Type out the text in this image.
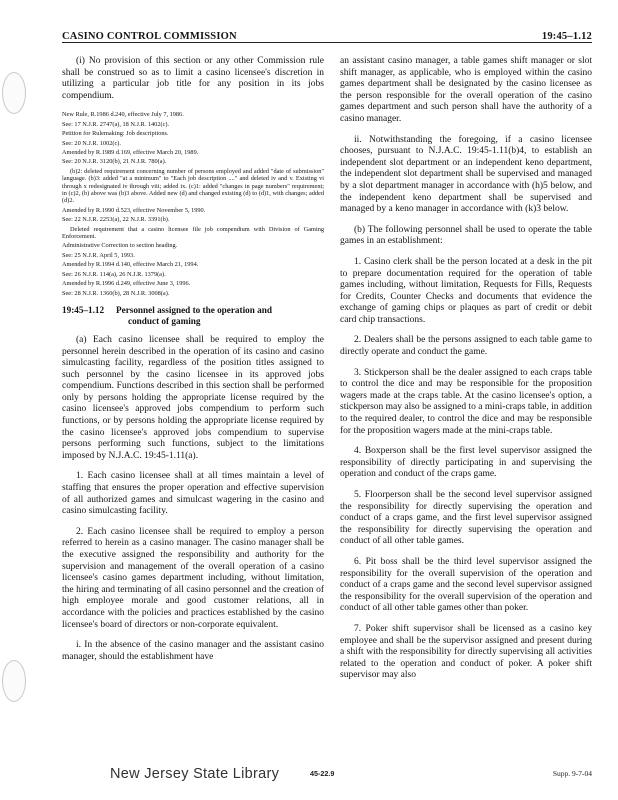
CASINO CONTROL COMMISSION	19:45–1.12

(i) No provision of this section or any other Commission rule shall be construed so as to limit a casino licensee's discretion in utilizing a particular job title for any position in its jobs compendium.

New Rule, R.1986 d.240, effective July 7, 1986.

See: 17 N.J.R. 2747(a), 18 N.J.R. 1402(c).

Petition for Rulemaking: Job descriptions.

See: 20 N.J.R. 1002(c).

Amended by R.1989 d.169, effective March 20, 1989.

See: 20 N.J.R. 3120(b), 21 N.J.R. 780(a).

(b)2: deleted requirement concerning number of persons employed and added "date of submission" language. (b)3: added "at a minimum" to "Each job description ...." and deleted iv and v. Existing vi through x redesignated iv through viii; added ix. (c)1: added "changes in page numbers" requirement; in (c)2, (b) above was (b)3 above. Added new (d) and changed existing (d) to (d)1, with changes; added (d)2.

Amended by R.1990 d.523, effective November 5, 1990.

See: 22 N.J.R. 2253(a), 22 N.J.R. 3391(b).

Deleted requirement that a casino licensee file job compendium with Division of Gaming Enforcement.

Administrative Correction to section heading.

See: 25 N.J.R. April 5, 1993.

Amended by R.1994 d.140, effective March 21, 1994.

See: 26 N.J.R. 114(a), 26 N.J.R. 1379(a).

Amended by R.1996 d.249, effective June 3, 1996.

See: 28 N.J.R. 1360(b), 28 N.J.R. 3008(a).

19:45–1.12 Personnel assigned to the operation and
conduct of gaming

(a) Each casino licensee shall be required to employ the personnel herein described in the operation of its casino and casino simulcasting facility, regardless of the position titles assigned to such personnel by the casino licensee in its approved jobs compendium. Functions described in this section shall be performed only by persons holding the appropriate license required by the casino licensee's approved jobs compendium to perform such functions, or by persons holding the appropriate license required by the casino licensee's approved jobs compendium to supervise persons performing such functions, subject to the limitations imposed by N.J.A.C. 19:45-1.11(a).

1. Each casino licensee shall at all times maintain a level of staffing that ensures the proper operation and effective supervision of all authorized games and simulcast wagering in the casino and casino simulcasting facility.

2. Each casino licensee shall be required to employ a person referred to herein as a casino manager. The casino manager shall be the executive assigned the responsibility and authority for the supervision and management of the overall operation of a casino licensee's casino games department including, without limitation, the hiring and terminating of all casino personnel and the creation of high employee morale and good customer relations, all in accordance with the policies and practices established by the casino licensee's board of directors or non-corporate equivalent.

i. In the absence of the casino manager and the assistant casino manager, should the establishment have

an assistant casino manager, a table games shift manager or slot shift manager, as applicable, who is employed within the casino games department shall be designated by the casino licensee as the person responsible for the overall operation of the casino games department and such person shall have the authority of a casino manager.

ii. Notwithstanding the foregoing, if a casino licensee chooses, pursuant to N.J.A.C. 19:45-1.11(b)4, to establish an independent slot department or an independent keno department, the independent slot department shall be supervised and managed by a slot department manager in accordance with (h)5 below, and the independent keno department shall be supervised and managed by a keno manager in accordance with (k)3 below.

(b) The following personnel shall be used to operate the table games in an establishment:

1. Casino clerk shall be the person located at a desk in the pit to prepare documentation required for the operation of table games including, without limitation, Requests for Fills, Requests for Credits, Counter Checks and documents that evidence the exchange of gaming chips or plaques as part of credit or debit card chip transactions.

2. Dealers shall be the persons assigned to each table game to directly operate and conduct the game.

3. Stickperson shall be the dealer assigned to each craps table to control the dice and may be responsible for the proposition wagers made at the craps table. At the casino licensee's option, a stickperson may also be assigned to a mini-craps table, in addition to the required dealer, to control the dice and may be responsible for the proposition wagers made at the mini-craps table.

4. Boxperson shall be the first level supervisor assigned the responsibility of directly participating in and supervising the operation and conduct of the craps game.

5. Floorperson shall be the second level supervisor assigned the responsibility for directly supervising the operation and conduct of a craps game, and the first level supervisor assigned the responsibility for directly supervising the operation and conduct of all other table games.

6. Pit boss shall be the third level supervisor assigned the responsibility for the overall supervision of the operation and conduct of a craps game and the second level supervisor assigned the responsibility for the overall supervision of the operation and conduct of all other table games other than poker.

7. Poker shift supervisor shall be licensed as a casino key employee and shall be the supervisor assigned and present during a shift with the responsibility for directly supervising all activities related to the operation and conduct of poker. A poker shift supervisor may also

New Jersey State Library	45-22.9	Supp. 9-7-04
